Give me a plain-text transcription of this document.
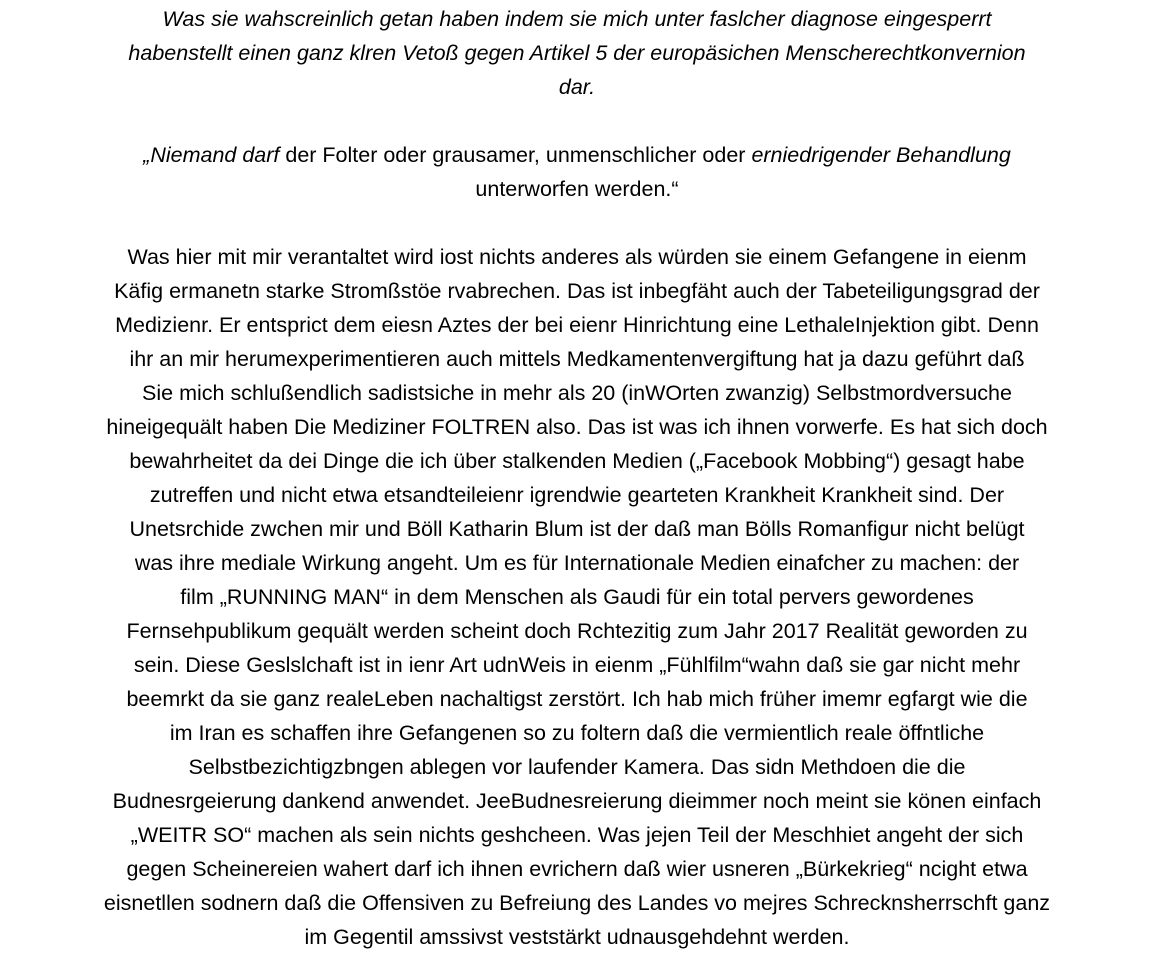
Was sie wahscreinlich getan haben indem sie mich unter faslcher diagnose eingesperrt
habenstellt einen ganz klren Vetoß gegen Artikel 5 der europäsichen Menscherechtkonvernion
dar.
„Niemand darf der Folter oder grausamer, unmenschlicher oder erniedrigender Behandlung
unterworfen werden.“
Was hier mit mir verantaltet wird iost nichts anderes als würden sie einem Gefangene in eienm
Käfig ermanetn starke Stromßstöe rvabrechen. Das ist inbegfäht auch der Tabeteiligungsgrad der
Medizienr. Er entsprict dem eiesn Aztes der bei eienr Hinrichtung eine LethaleInjektion gibt. Denn
ihr an mir herumexperimentieren auch mittels Medkamentenvergiftung hat ja dazu geführt daß
Sie mich schlußendlich sadistsiche in mehr als 20 (inWOrten zwanzig) Selbstmordversuche
hineigequält haben Die Mediziner FOLTREN also. Das ist was ich ihnen vorwerfe. Es hat sich doch
bewahrheitet da dei Dinge die ich über stalkenden Medien („Facebook Mobbing“) gesagt habe
zutreffen und nicht etwa etsandteileienr igrendwie gearteten Krankheit Krankheit sind. Der
Unetsrchide zwchen mir und Böll Katharin Blum ist der daß man Bölls Romanfigur nicht belügt
was ihre mediale Wirkung angeht. Um es für Internationale Medien einafcher zu machen: der
film „RUNNING MAN“ in dem Menschen als Gaudi für ein total pervers gewordenes
Fernsehpublikum gequält werden scheint doch Rchtezitig zum Jahr 2017 Realität geworden zu
sein. Diese Geslslchaft ist in ienr Art udnWeis in eienm „Fühlfilm“wahn daß sie gar nicht mehr
beemrkt da sie ganz realeLeben nachaltigst zerstört. Ich hab mich früher imemr egfargt wie die
im Iran es schaffen ihre Gefangenen so zu foltern daß die vermientlich reale öffntliche
Selbstbezichtigzbngen ablegen vor laufender Kamera. Das sidn Methdoen die die
Budnesrgeierung dankend anwendet. JeeBudnesreierung dieimmer noch meint sie könen einfach
„WEITR SO“ machen als sein nichts geshcheen. Was jejen Teil der Meschhiet angeht der sich
gegen Scheinereien wahert darf ich ihnen evrichern daß wier usneren „Bürkekrieg“ ncight etwa
eisnetllen sodnern daß die Offensiven zu Befreiung des Landes vo mejres Schrecknsherrschft ganz
im Gegentil amssivst veststärkt udnausgehdehnt werden.
